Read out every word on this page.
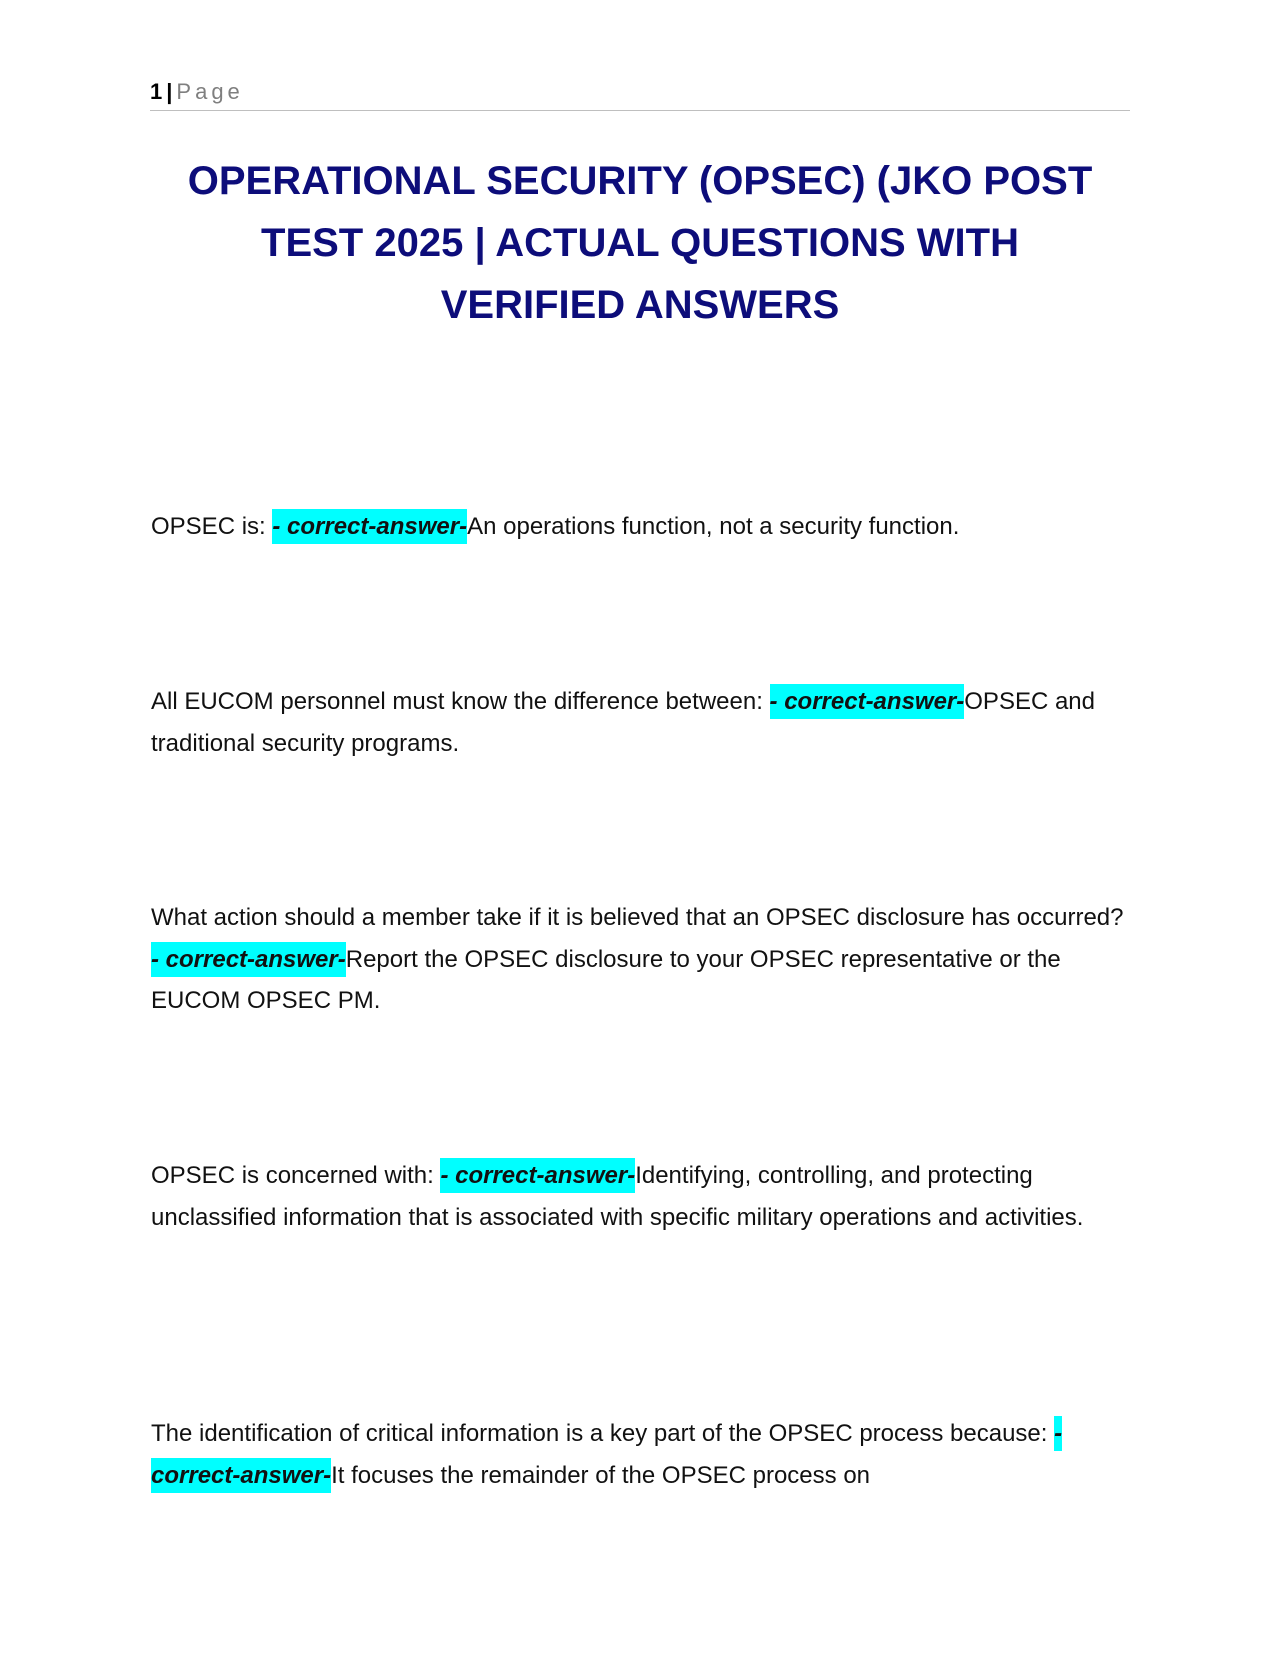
1 | Page
OPERATIONAL SECURITY (OPSEC) (JKO POST
TEST 2025 | ACTUAL QUESTIONS WITH
VERIFIED ANSWERS

OPSEC is: - correct-answer-An operations function, not a security function.

All EUCOM personnel must know the difference between: - correct-answer-OPSEC and traditional security programs.

What action should a member take if it is believed that an OPSEC disclosure has occurred? - correct-answer-Report the OPSEC disclosure to your OPSEC representative or the EUCOM OPSEC PM.

OPSEC is concerned with: - correct-answer-Identifying, controlling, and protecting unclassified information that is associated with specific military operations and activities.

The identification of critical information is a key part of the OPSEC process because: - correct-answer-It focuses the remainder of the OPSEC process on
